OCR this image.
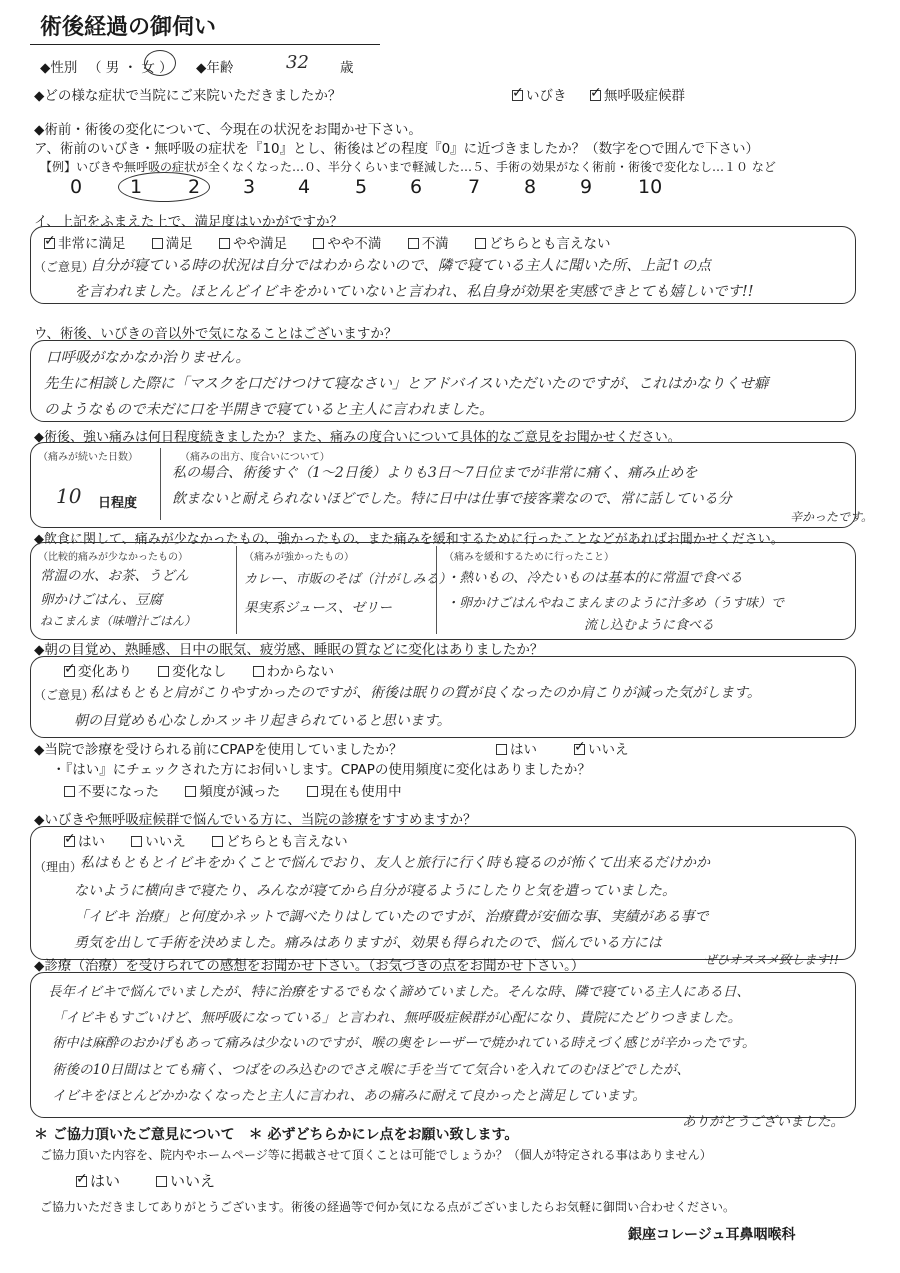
術後経過の御伺い
◆性別 （ 男 ・ 女 ） ◆年齢	32 歳
◆どの様な症状で当院にご来院いただきましたか？ ✓	いびき ✓	無呼吸症候群
◆術前・術後の変化について、今現在の状況をお聞かせ下さい。
ア、術前のいびき・無呼吸の症状を『10』とし、術後はどの程度『0』に近づきましたか？（数字を○で囲んで下さい）
【例】いびきや無呼吸の症状が全くなくなった…０、半分くらいまで軽減した…５、手術の効果がなく術前・術後で変化なし…１０ など
0	1 2 3 4 5 6 7 8 9 10
イ、上記をふまえた上で、満足度はいかがですか？
✓非常に満足	満足	やや満足	やや不満	不満	どちらとも言えない
（ご意見）
自分が寝ている時の状況は自分ではわからないので、隣で寝ている主人に聞いた所、上記↑の点
を言われました。ほとんどイビキをかいていないと言われ、私自身が効果を実感できとても嬉しいです!!
ウ、術後、いびきの音以外で気になることはございますか？
口呼吸がなかなか治りません。
先生に相談した際に「マスクを口だけつけて寝なさい」とアドバイスいただいたのですが、これはかなりくせ癖
のようなもので未だに口を半開きで寝ていると主人に言われました。
◆術後、強い痛みは何日程度続きましたか？また、痛みの度合いについて具体的なご意見をお聞かせください。
（痛みが続いた日数）
10 日程度
（痛みの出方、度合いについて）
私の場合、術後すぐ（1〜2日後）よりも3日〜7日位までが非常に痛く、痛み止めを
飲まないと耐えられないほどでした。特に日中は仕事で接客業なので、常に話している分
辛かったです。
◆飲食に関して、痛みが少なかったもの、強かったもの、また痛みを緩和するために行ったことなどがあればお聞かせください。
（比較的痛みが少なかったもの）
常温の水、お茶、うどん
卵かけごはん、豆腐
ねこまんま（味噌汁ごはん）
（痛みが強かったもの）
カレー、市販のそば（汁がしみる）
果実系ジュース、ゼリー
（痛みを緩和するために行ったこと）
・熱いもの、冷たいものは基本的に常温で食べる
・卵かけごはんやねこまんまのように汁多め（うす味）で
流し込むように食べる
◆朝の目覚め、熟睡感、日中の眠気、疲労感、睡眠の質などに変化はありましたか？
✓変化あり	変化なし	わからない
（ご意見）
私はもともと肩がこりやすかったのですが、術後は眠りの質が良くなったのか肩こりが減った気がします。
朝の目覚めも心なしかスッキリ起きられていると思います。
◆当院で診療を受けられる前にCPAPを使用していましたか？	はい ✓	いいえ
・『はい』にチェックされた方にお伺いします。CPAPの使用頻度に変化はありましたか？
不要になった	頻度が減った	現在も使用中
◆いびきや無呼吸症候群で悩んでいる方に、当院の診療をすすめますか？
✓はい	いいえ	どちらとも言えない
（理由）
私はもともとイビキをかくことで悩んでおり、友人と旅行に行く時も寝るのが怖くて出来るだけかか
ないように横向きで寝たり、みんなが寝てから自分が寝るようにしたりと気を遣っていました。
「イビキ 治療」と何度かネットで調べたりはしていたのですが、治療費が安価な事、実績がある事で
勇気を出して手術を決めました。痛みはありますが、効果も得られたので、悩んでいる方には
ぜひオススメ致します!!
◆診療（治療）を受けられての感想をお聞かせ下さい。（お気づきの点をお聞かせ下さい。）
長年イビキで悩んでいましたが、特に治療をするでもなく諦めていました。そんな時、隣で寝ている主人にある日、
「イビキもすごいけど、無呼吸になっている」と言われ、無呼吸症候群が心配になり、貴院にたどりつきました。
術中は麻酔のおかげもあって痛みは少ないのですが、喉の奥をレーザーで焼かれている時えづく感じが辛かったです。
術後の10日間はとても痛く、つばをのみ込むのでさえ喉に手を当てて気合いを入れてのむほどでしたが、
イビキをほとんどかかなくなったと主人に言われ、あの痛みに耐えて良かったと満足しています。
ありがとうございました。
＊ ご協力頂いたご意見について　＊ 必ずどちらかにレ点をお願い致します。
ご協力頂いた内容を、院内やホームページ等に掲載させて頂くことは可能でしょうか？（個人が特定される事はありません）
✓はい	いいえ
ご協力いただきましてありがとうございます。術後の経過等で何か気になる点がございましたらお気軽に御問い合わせください。
銀座コレージュ耳鼻咽喉科
